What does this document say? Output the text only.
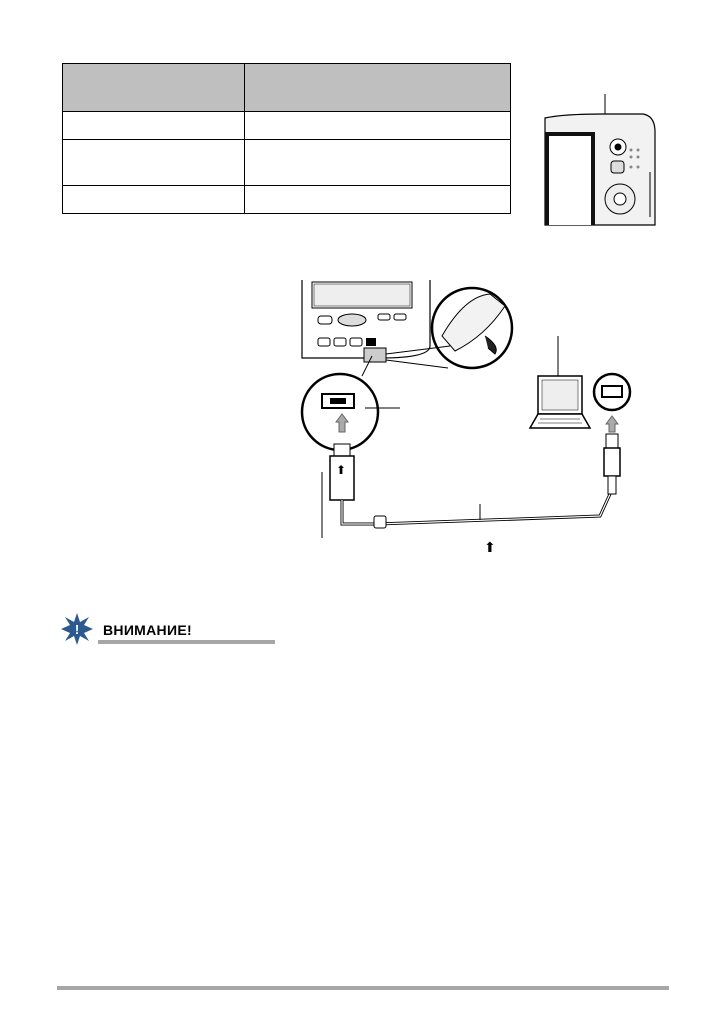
⬆
⬆
! ВНИМАНИЕ!
